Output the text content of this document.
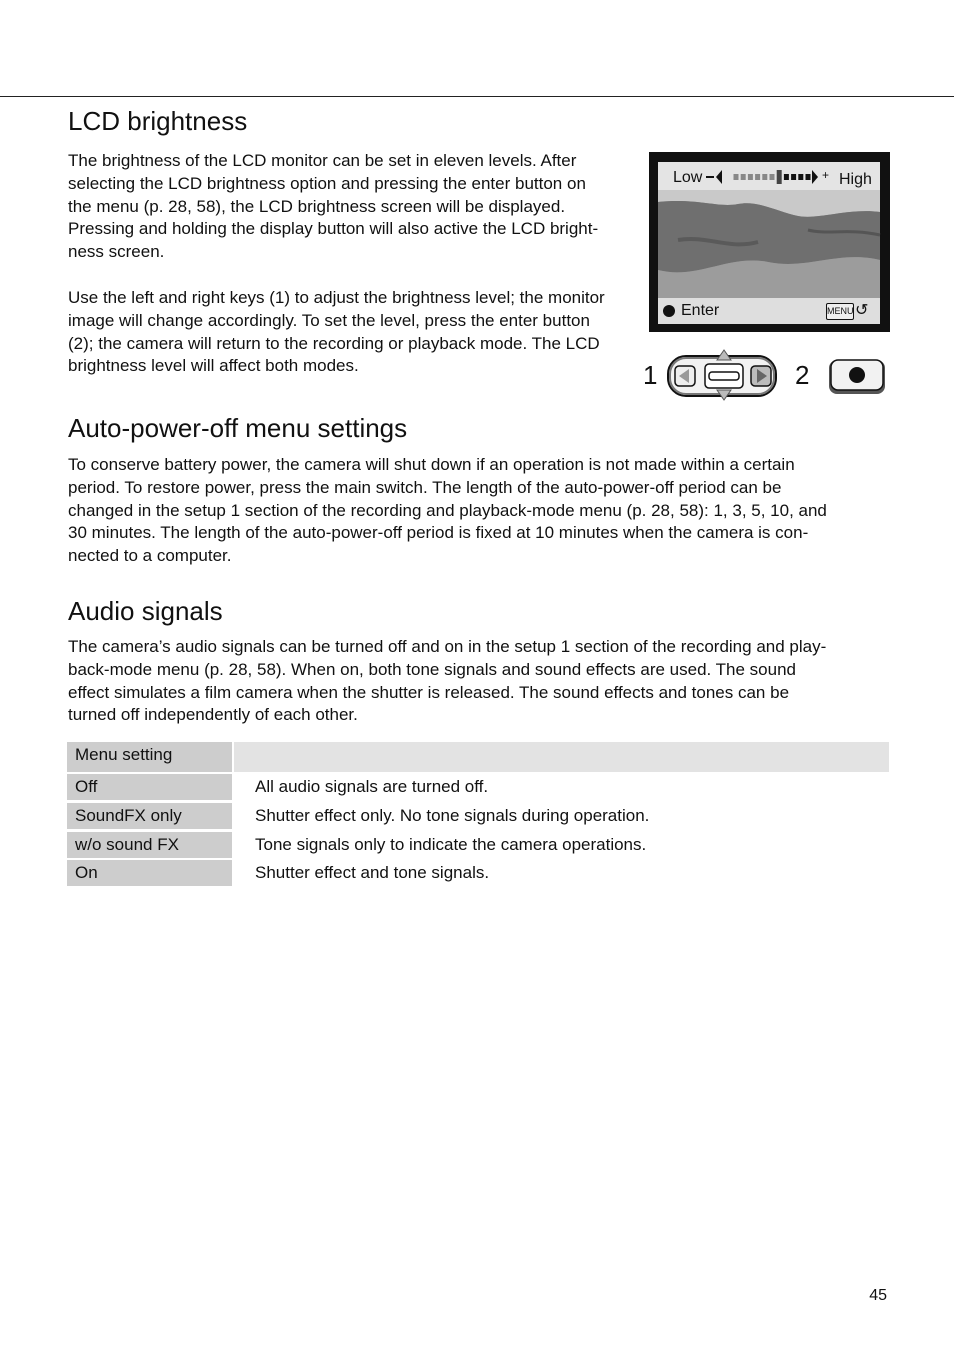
LCD brightness

The brightness of the LCD monitor can be set in eleven levels. After
selecting the LCD brightness option and pressing the enter button on
the menu (p. 28, 58), the LCD brightness screen will be displayed.
Pressing and holding the display button will also active the LCD bright-
ness screen.

Use the left and right keys (1) to adjust the brightness level; the monitor
image will change accordingly. To set the level, press the enter button
(2); the camera will return to the recording or playback mode. The LCD
brightness level will affect both modes.

Low	+ High
Enter	MENU ↺
1	2
Auto-power-off menu settings

To conserve battery power, the camera will shut down if an operation is not made within a certain
period. To restore power, press the main switch. The length of the auto-power-off period can be
changed in the setup 1 section of the recording and playback-mode menu (p. 28, 58): 1, 3, 5, 10, and
30 minutes. The length of the auto-power-off period is fixed at 10 minutes when the camera is con-
nected to a computer.

Audio signals

The camera’s audio signals can be turned off and on in the setup 1 section of the recording and play-
back-mode menu (p. 28, 58). When on, both tone signals and sound effects are used. The sound
effect simulates a film camera when the shutter is released. The sound effects and tones can be
turned off independently of each other.

Menu setting
Off	All audio signals are turned off.
SoundFX only	Shutter effect only. No tone signals during operation.
w/o sound FX	Tone signals only to indicate the camera operations.
On	Shutter effect and tone signals.
45
